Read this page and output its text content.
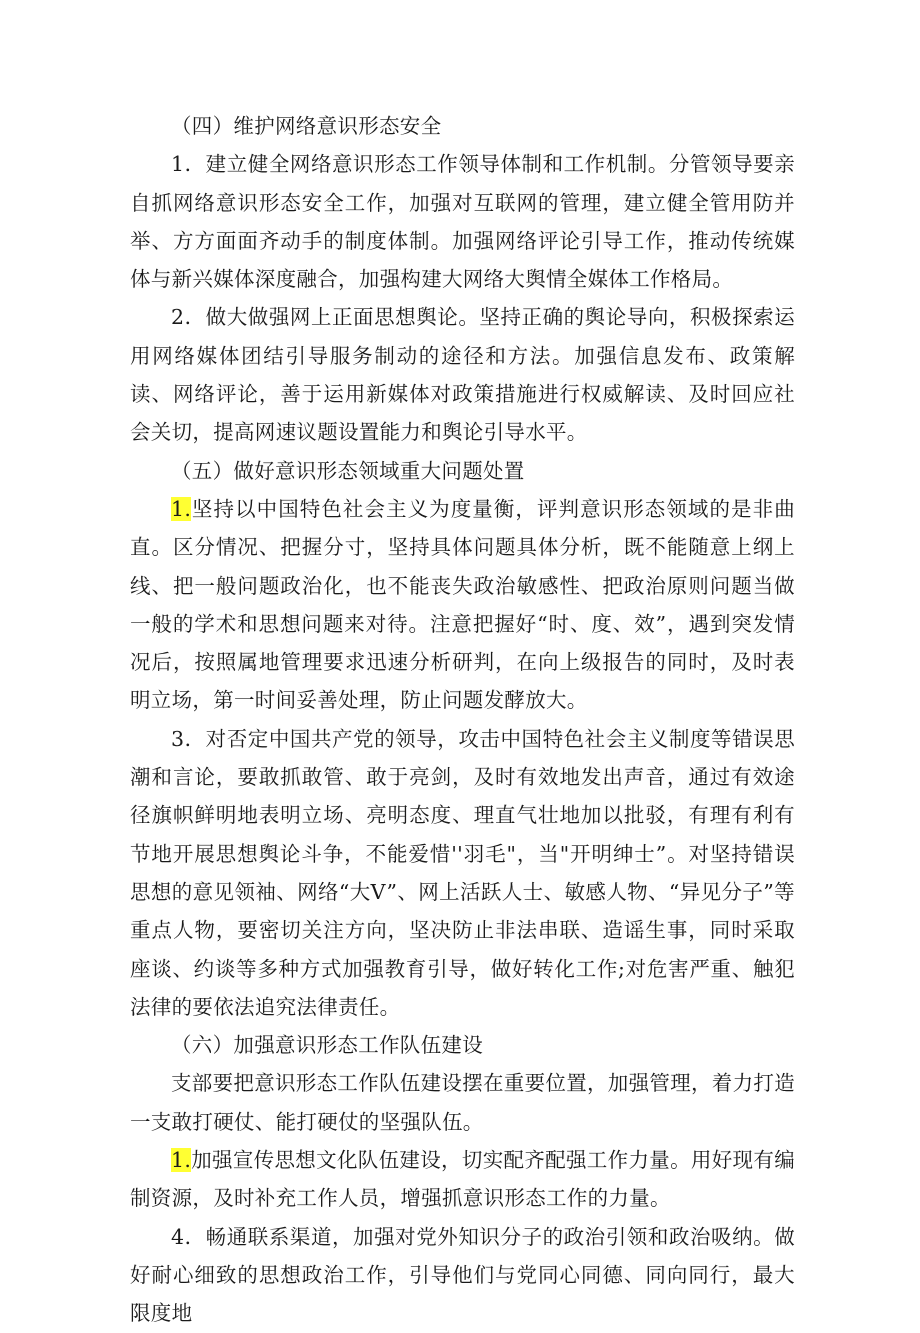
（四）维护网络意识形态安全

1．建立健全网络意识形态工作领导体制和工作机制。分管领导要亲自抓网络意识形态安全工作，加强对互联网的管理，建立健全管用防并举、方方面面齐动手的制度体制。加强网络评论引导工作，推动传统媒体与新兴媒体深度融合，加强构建大网络大舆情全媒体工作格局。

2．做大做强网上正面思想舆论。坚持正确的舆论导向，积极探索运用网络媒体团结引导服务制动的途径和方法。加强信息发布、政策解读、网络评论，善于运用新媒体对政策措施进行权威解读、及时回应社会关切，提高网速议题设置能力和舆论引导水平。

（五）做好意识形态领域重大问题处置

1.坚持以中国特色社会主义为度量衡，评判意识形态领域的是非曲直。区分情况、把握分寸，坚持具体问题具体分析，既不能随意上纲上线、把一般问题政治化，也不能丧失政治敏感性、把政治原则问题当做一般的学术和思想问题来对待。注意把握好“时、度、效”，遇到突发情况后，按照属地管理要求迅速分析研判，在向上级报告的同时，及时表明立场，第一时间妥善处理，防止问题发酵放大。

3．对否定中国共产党的领导，攻击中国特色社会主义制度等错误思潮和言论，要敢抓敢管、敢于亮剑，及时有效地发出声音，通过有效途径旗帜鲜明地表明立场、亮明态度、理直气壮地加以批驳，有理有利有节地开展思想舆论斗争，不能爱惜''羽毛"，当"开明绅士”。对坚持错误思想的意见领袖、网络“大V”、网上活跃人士、敏感人物、“异见分子”等重点人物，要密切关注方向，坚决防止非法串联、造谣生事，同时采取座谈、约谈等多种方式加强教育引导，做好转化工作;对危害严重、触犯法律的要依法追究法律责任。

（六）加强意识形态工作队伍建设

支部要把意识形态工作队伍建设摆在重要位置，加强管理，着力打造一支敢打硬仗、能打硬仗的坚强队伍。

1.加强宣传思想文化队伍建设，切实配齐配强工作力量。用好现有编制资源，及时补充工作人员，增强抓意识形态工作的力量。

4．畅通联系渠道，加强对党外知识分子的政治引领和政治吸纳。做好耐心细致的思想政治工作，引导他们与党同心同德、同向同行，最大限度地
